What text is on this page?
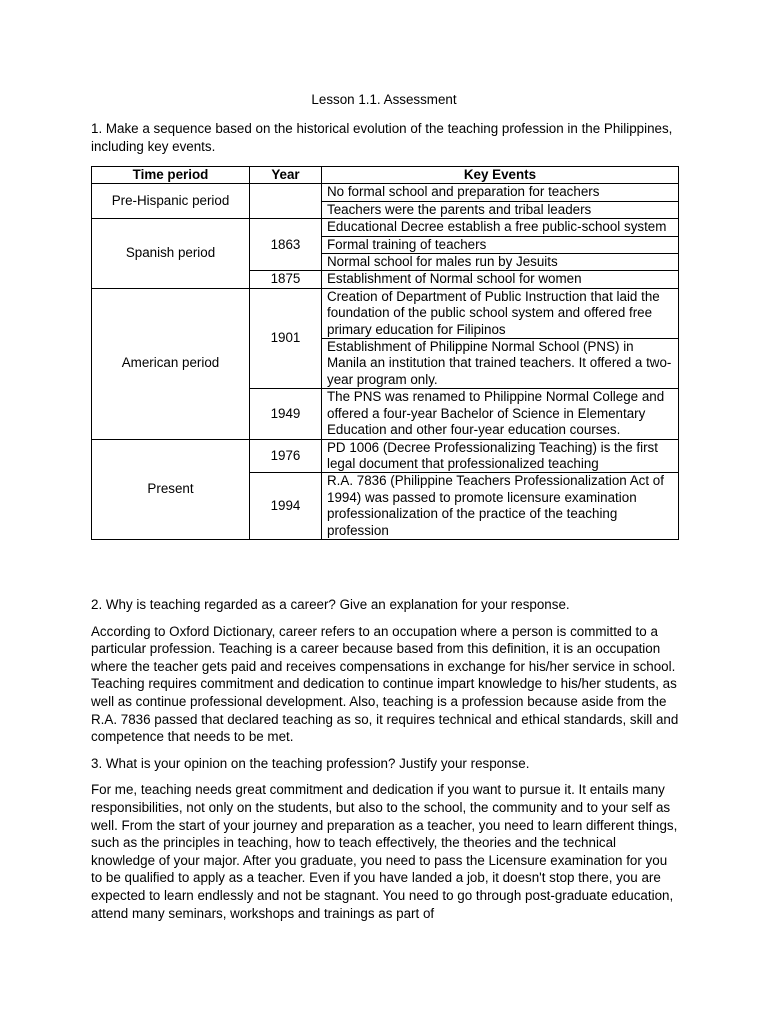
Lesson 1.1. Assessment

1. Make a sequence based on the historical evolution of the teaching profession in the Philippines, including key events.

Time period	Year	Key Events
Pre-Hispanic period		No formal school and preparation for teachers
		Teachers were the parents and tribal leaders
Spanish period	1863	Educational Decree establish a free public-school system
		Formal training of teachers
		Normal school for males run by Jesuits
	1875	Establishment of Normal school for women
American period	1901	Creation of Department of Public Instruction that laid the foundation of the public school system and offered free primary education for Filipinos
		Establishment of Philippine Normal School (PNS) in Manila an institution that trained teachers. It offered a two-year program only.
	1949	The PNS was renamed to Philippine Normal College and offered a four-year Bachelor of Science in Elementary Education and other four-year education courses.
Present	1976	PD 1006 (Decree Professionalizing Teaching) is the first legal document that professionalized teaching
	1994	R.A. 7836 (Philippine Teachers Professionalization Act of 1994) was passed to promote licensure examination professionalization of the practice of the teaching profession

2. Why is teaching regarded as a career? Give an explanation for your response.

According to Oxford Dictionary, career refers to an occupation where a person is committed to a particular profession. Teaching is a career because based from this definition, it is an occupation where the teacher gets paid and receives compensations in exchange for his/her service in school. Teaching requires commitment and dedication to continue impart knowledge to his/her students, as well as continue professional development. Also, teaching is a profession because aside from the R.A. 7836 passed that declared teaching as so, it requires technical and ethical standards, skill and competence that needs to be met.

3. What is your opinion on the teaching profession? Justify your response.

For me, teaching needs great commitment and dedication if you want to pursue it. It entails many responsibilities, not only on the students, but also to the school, the community and to your self as well. From the start of your journey and preparation as a teacher, you need to learn different things, such as the principles in teaching, how to teach effectively, the theories and the technical knowledge of your major. After you graduate, you need to pass the Licensure examination for you to be qualified to apply as a teacher. Even if you have landed a job, it doesn't stop there, you are expected to learn endlessly and not be stagnant. You need to go through post-graduate education, attend many seminars, workshops and trainings as part of
